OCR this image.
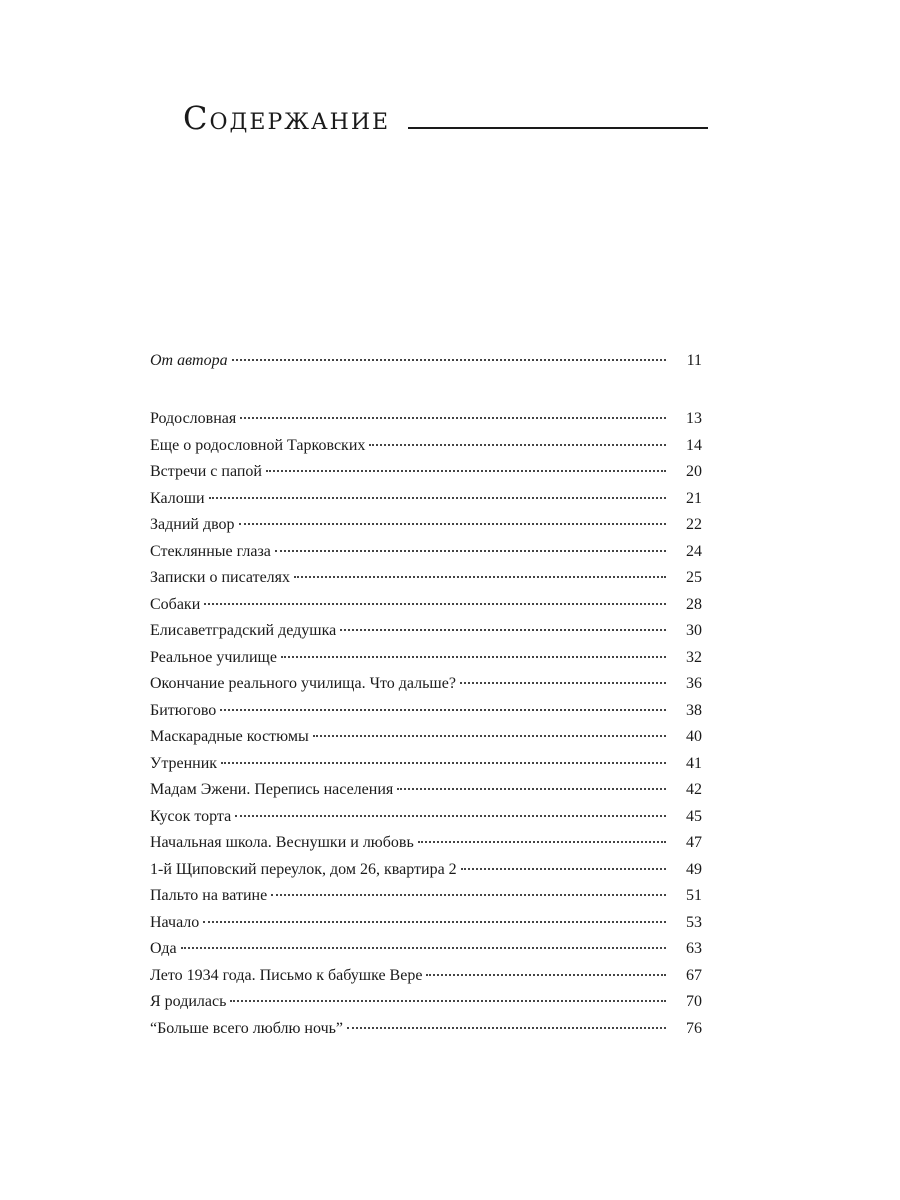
Содержание
От автора	11
Родословная	13
Еще о родословной Тарковских	14
Встречи с папой	20
Калоши	21
Задний двор	22
Стеклянные глаза	24
Записки о писателях	25
Собаки	28
Елисаветградский дедушка	30
Реальное училище	32
Окончание реального училища. Что дальше?	36
Битюгово	38
Маскарадные костюмы	40
Утренник	41
Мадам Эжени. Перепись населения	42
Кусок торта	45
Начальная школа. Веснушки и любовь	47
1-й Щиповский переулок, дом 26, квартира 2	49
Пальто на ватине	51
Начало	53
Ода	63
Лето 1934 года. Письмо к бабушке Вере	67
Я родилась	70
“Больше всего люблю ночь”	76
